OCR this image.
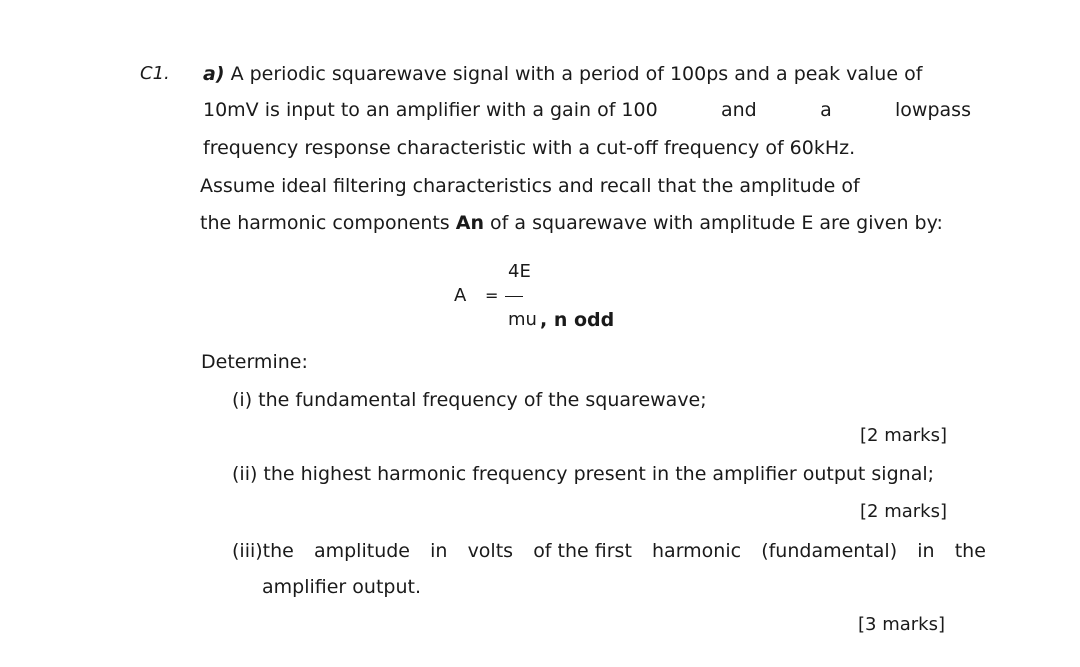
C1. a) A periodic squarewave signal with a period of 100ps and a peak value of
10mV is input to an amplifier with a gain of 100	and	a	lowpass
frequency response characteristic with a cut-off frequency of 60kHz.
Assume ideal filtering characteristics and recall that the amplitude of
the harmonic components An of a squarewave with amplitude E are given by:
4E
A =
mu , n odd
Determine:
(i) the fundamental frequency of the squarewave;
[2 marks]
(ii) the highest harmonic frequency present in the amplifier output signal;
[2 marks]
(iii)the amplitude in volts of the first harmonic (fundamental) in the
amplifier output.
[3 marks]
